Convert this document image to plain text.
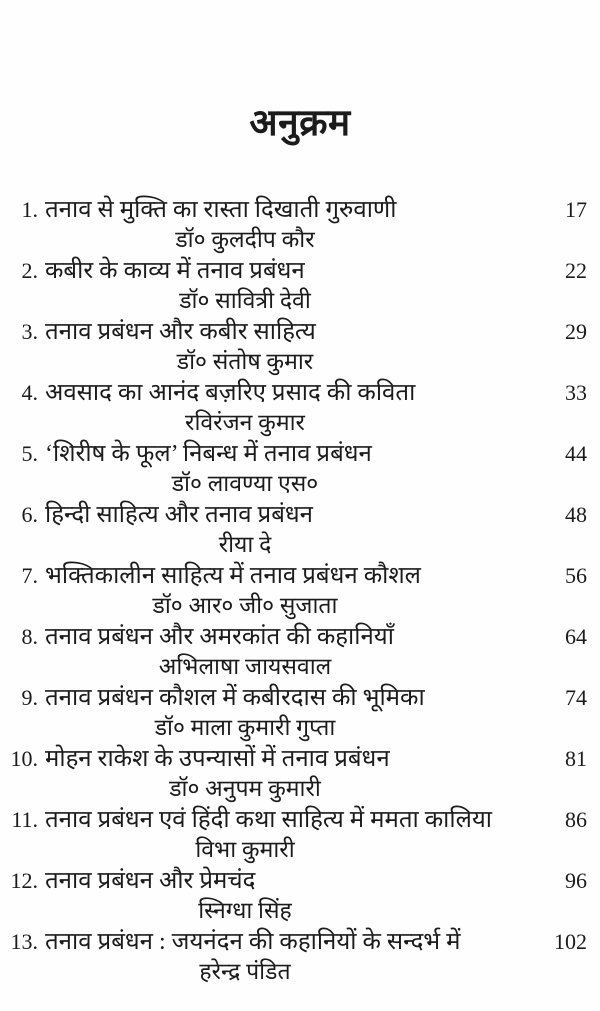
अनुक्रम
1. तनाव से मुक्ति का रास्ता दिखाती गुरुवाणी	17
डॉ० कुलदीप कौर
2. कबीर के काव्य में तनाव प्रबंधन	22
डॉ० सावित्री देवी
3. तनाव प्रबंधन और कबीर साहित्य	29
डॉ० संतोष कुमार
4. अवसाद का आनंद बज़रिए प्रसाद की कविता	33
रविरंजन कुमार
5. ‘शिरीष के फूल’ निबन्ध में तनाव प्रबंधन	44
डॉ० लावण्या एस०
6. हिन्दी साहित्य और तनाव प्रबंधन	48
रीया दे
7. भक्तिकालीन साहित्य में तनाव प्रबंधन कौशल	56
डॉ० आर० जी० सुजाता
8. तनाव प्रबंधन और अमरकांत की कहानियाँ	64
अभिलाषा जायसवाल
9. तनाव प्रबंधन कौशल में कबीरदास की भूमिका	74
डॉ० माला कुमारी गुप्ता
10. मोहन राकेश के उपन्यासों में तनाव प्रबंधन	81
डॉ० अनुपम कुमारी
11. तनाव प्रबंधन एवं हिंदी कथा साहित्य में ममता कालिया	86
विभा कुमारी
12. तनाव प्रबंधन और प्रेमचंद	96
स्निग्धा सिंह
13. तनाव प्रबंधन : जयनंदन की कहानियों के सन्दर्भ में	102
हरेन्द्र पंडित
